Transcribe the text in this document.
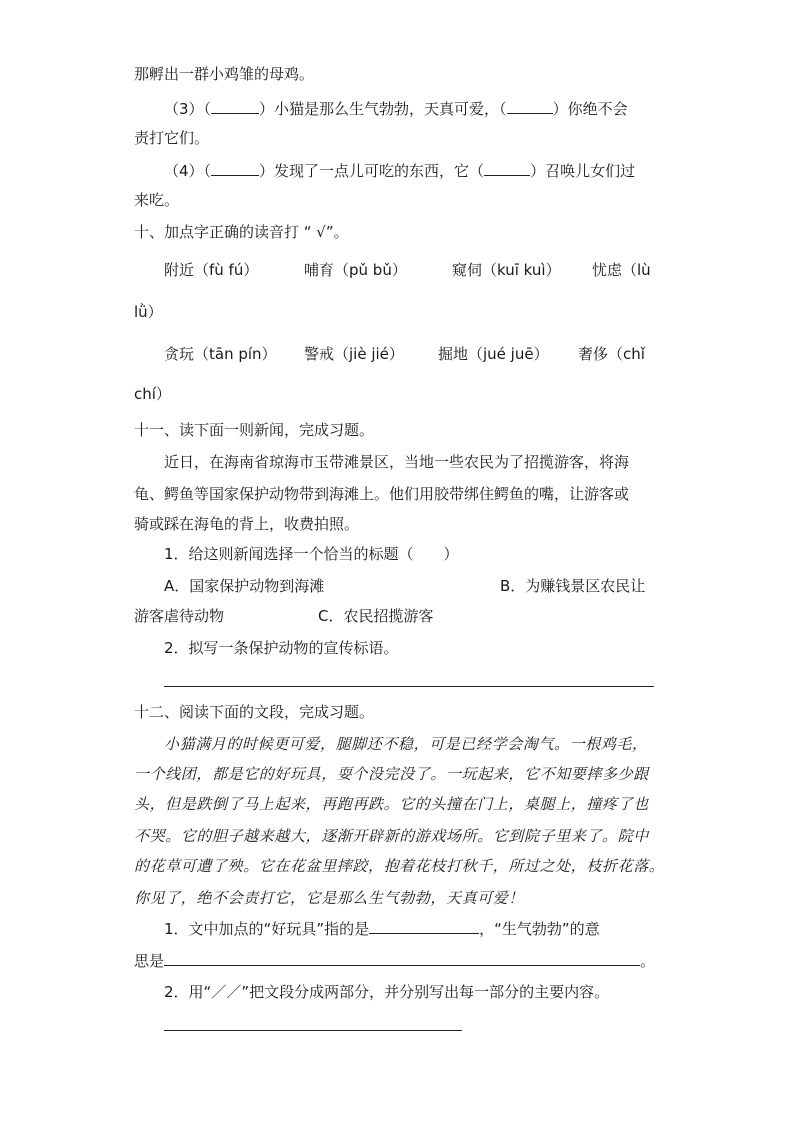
那孵出一群小鸡雏的母鸡。
（3）（	）小猫是那么生气勃勃，天真可爱，（	）你绝不会
责打它们。
（4）（	）发现了一点儿可吃的东西，它（	）召唤儿女们过
来吃。
十、加点字正确的读音打 “ √”。
附近（fù fú）	哺育（pǔ bǔ）	窥伺（kuī kuì） 忧虑（lù
lǜ）
贪玩（tān pín） 警戒（jiè jié） 掘地（jué juē） 奢侈（chǐ
chí）
十一、读下面一则新闻，完成习题。
近日，在海南省琼海市玉带滩景区，当地一些农民为了招揽游客，将海
龟、鳄鱼等国家保护动物带到海滩上。他们用胶带绑住鳄鱼的嘴，让游客或
骑或踩在海龟的背上，收费拍照。
1．给这则新闻选择一个恰当的标题（　　）
A．国家保护动物到海滩	B．为赚钱景区农民让
游客虐待动物	C．农民招揽游客
2．拟写一条保护动物的宣传标语。
十二、阅读下面的文段，完成习题。
小猫满月的时候更可爱，腿脚还不稳，可是已经学会淘气。一根鸡毛，
一个线团，都是它的好玩具，耍个没完没了。一玩起来，它不知要摔多少跟
头，但是跌倒了马上起来，再跑再跌。它的头撞在门上，桌腿上，撞疼了也
不哭。它的胆子越来越大，逐渐开辟新的游戏场所。它到院子里来了。院中
的花草可遭了殃。它在花盆里摔跤，抱着花枝打秋千，所过之处，枝折花落。
你见了，绝不会责打它，它是那么生气勃勃，天真可爱！
1．文中加点的“好玩具”指的是	，“生气勃勃”的意
思是	。
2．用“／／”把文段分成两部分，并分别写出每一部分的主要内容。
